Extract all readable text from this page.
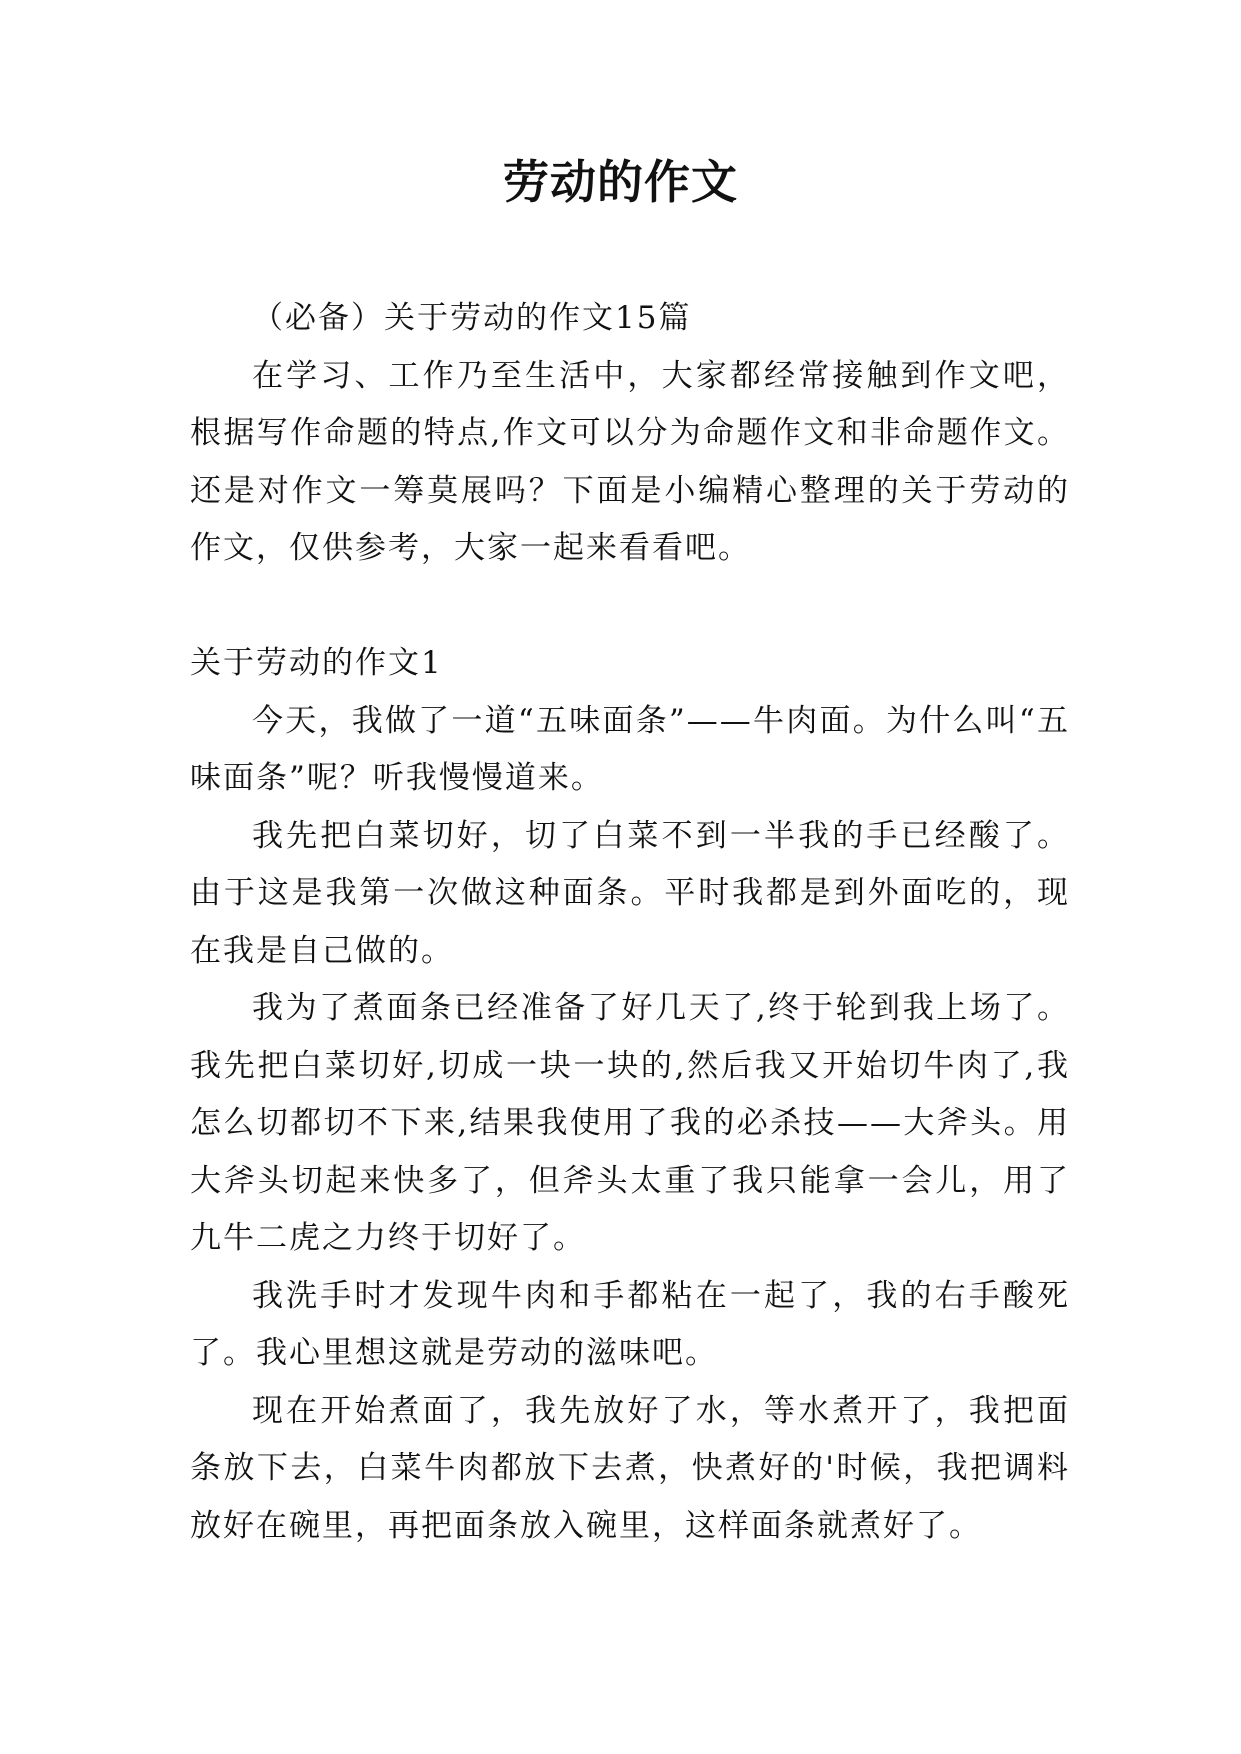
劳动的作文

（必备）关于劳动的作文15篇

在学习、工作乃至生活中，大家都经常接触到作文吧，根据写作命题的特点,作文可以分为命题作文和非命题作文。还是对作文一筹莫展吗？下面是小编精心整理的关于劳动的作文，仅供参考，大家一起来看看吧。

关于劳动的作文1

今天，我做了一道“五味面条”——牛肉面。为什么叫“五味面条”呢？听我慢慢道来。

我先把白菜切好，切了白菜不到一半我的手已经酸了。由于这是我第一次做这种面条。平时我都是到外面吃的，现在我是自己做的。

我为了煮面条已经准备了好几天了,终于轮到我上场了。我先把白菜切好,切成一块一块的,然后我又开始切牛肉了,我怎么切都切不下来,结果我使用了我的必杀技——大斧头。用大斧头切起来快多了，但斧头太重了我只能拿一会儿，用了九牛二虎之力终于切好了。

我洗手时才发现牛肉和手都粘在一起了，我的右手酸死了。我心里想这就是劳动的滋味吧。

现在开始煮面了，我先放好了水，等水煮开了，我把面条放下去，白菜牛肉都放下去煮，快煮好的'时候，我把调料放好在碗里，再把面条放入碗里，这样面条就煮好了。
